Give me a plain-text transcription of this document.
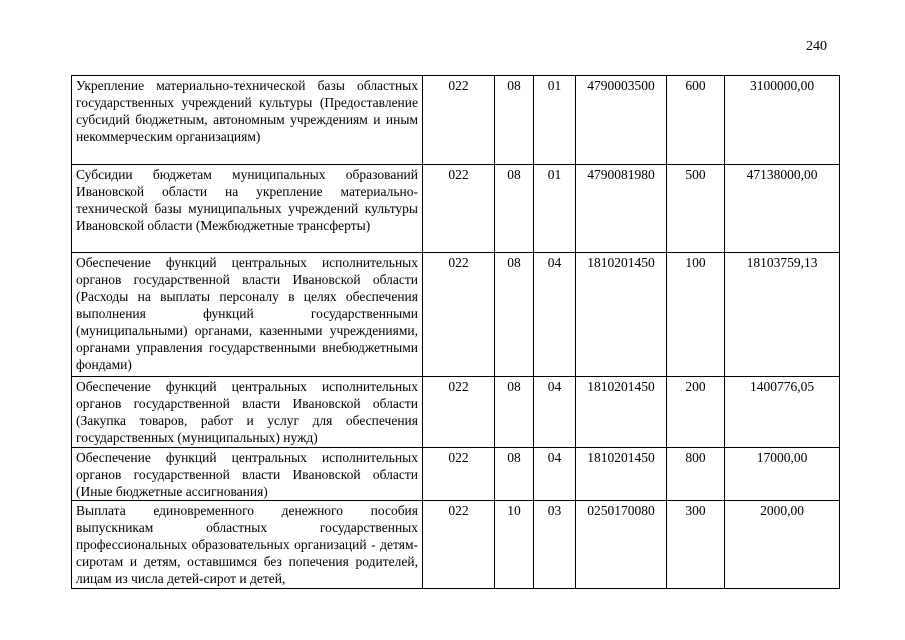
240
Укрепление материально-технической базы областных государственных учреждений культуры (Предоставление субсидий бюджетным, автономным учреждениям и иным некоммерческим организациям)	022	08	01	4790003500	600	3100000,00

Субсидии бюджетам муниципальных образований Ивановской области на укрепление материально-технической базы муниципальных учреждений культуры Ивановской области (Межбюджетные трансферты)	022	08	01	4790081980	500	47138000,00

Обеспечение функций центральных исполнительных органов государственной власти Ивановской области (Расходы на выплаты персоналу в целях обеспечения выполнения функций государственными (муниципальными) органами, казенными учреждениями, органами управления государственными внебюджетными фондами)	022	08	04	1810201450	100	18103759,13

Обеспечение функций центральных исполнительных органов государственной власти Ивановской области (Закупка товаров, работ и услуг для обеспечения государственных (муниципальных) нужд)	022	08	04	1810201450	200	1400776,05

Обеспечение функций центральных исполнительных органов государственной власти Ивановской области (Иные бюджетные ассигнования)	022	08	04	1810201450	800	17000,00

Выплата единовременного денежного пособия выпускникам областных государственных профессиональных образовательных организаций - детям-сиротам и детям, оставшимся без попечения родителей, лицам из числа детей-сирот и детей,	022	10	03	0250170080	300	2000,00
